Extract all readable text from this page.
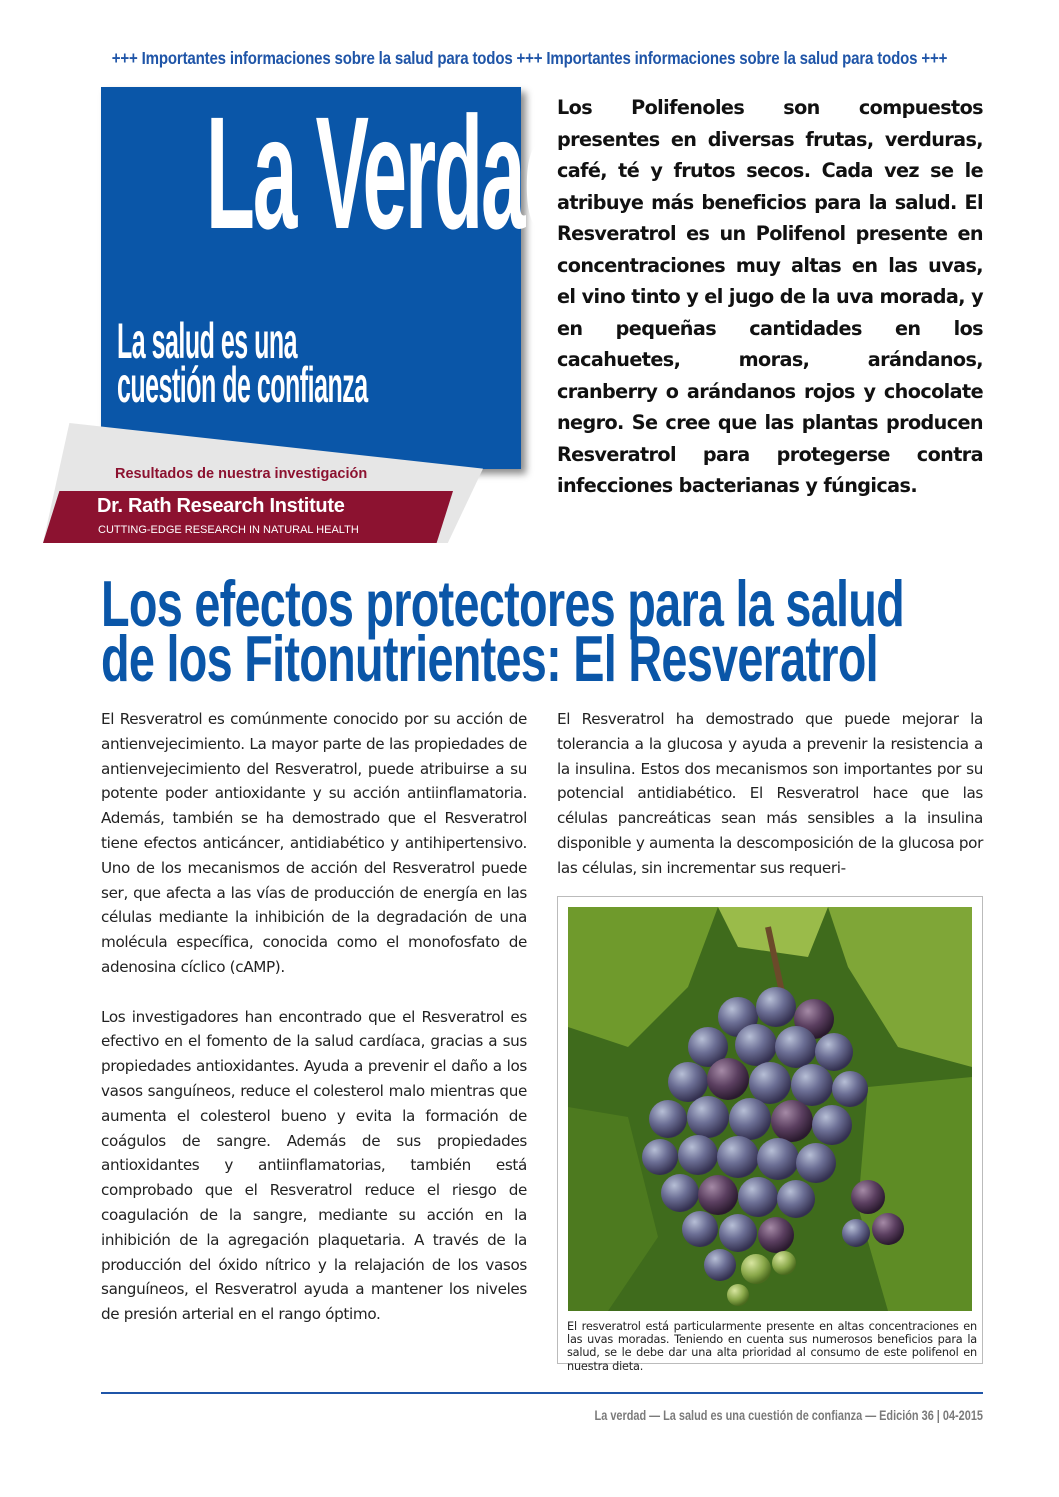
+++ Importantes informaciones sobre la salud para todos +++ Importantes informaciones sobre la salud para todos +++
La Verdad
La salud es una
cuestión de confianza
Resultados de nuestra investigación
Dr. Rath Research Institute
CUTTING-EDGE RESEARCH IN NATURAL HEALTH
Los Polifenoles son compuestos presentes en diversas frutas, verduras, café, té y frutos secos. Cada vez se le atribuye más beneficios para la salud. El Resveratrol es un Polifenol presente en concentraciones muy altas en las uvas, el vino tinto y el jugo de la uva morada, y en pequeñas cantidades en los cacahuetes, moras, arándanos, cranberry o arándanos rojos y chocolate negro. Se cree que las plantas producen Resveratrol para protegerse contra infecciones bacterianas y fúngicas.
Los efectos protectores para la salud
de los Fitonutrientes: El Resveratrol

El Resveratrol es comúnmente conocido por su acción de antienvejecimiento. La mayor parte de las propiedades de antienvejecimiento del Resveratrol, puede atribuirse a su potente poder antioxidante y su acción antiinflamatoria. Además, también se ha demostrado que el Resveratrol tiene efectos anticáncer, antidiabético y antihipertensivo. Uno de los mecanismos de acción del Resveratrol puede ser, que afecta a las vías de producción de energía en las células mediante la inhibición de la degradación de una molécula específica, conocida como el monofosfato de adenosina cíclico (cAMP).

Los investigadores han encontrado que el Resveratrol es efectivo en el fomento de la salud cardíaca, gracias a sus propiedades antioxidantes. Ayuda a prevenir el daño a los vasos sanguíneos, reduce el colesterol malo mientras que aumenta el colesterol bueno y evita la formación de coágulos de sangre. Además de sus propiedades antioxidantes y antiinflamatorias, también está comprobado que el Resveratrol reduce el riesgo de coagulación de la sangre, mediante su acción en la inhibición de la agregación plaquetaria. A través de la producción del óxido nítrico y la relajación de los vasos sanguíneos, el Resveratrol ayuda a mantener los niveles de presión arterial en el rango óptimo.

El Resveratrol ha demostrado que puede mejorar la tolerancia a la glucosa y ayuda a prevenir la resistencia a la insulina. Estos dos mecanismos son importantes por su potencial antidiabético. El Resveratrol hace que las células pancreáticas sean más sensibles a la insulina disponible y aumenta la descomposición de la glucosa por las células, sin incrementar sus requeri-

El resveratrol está particularmente presente en altas concentraciones en las uvas moradas. Teniendo en cuenta sus numerosos beneficios para la salud, se le debe dar una alta prioridad al consumo de este polifenol en nuestra dieta.
La verdad — La salud es una cuestión de confianza — Edición 36 | 04-2015
